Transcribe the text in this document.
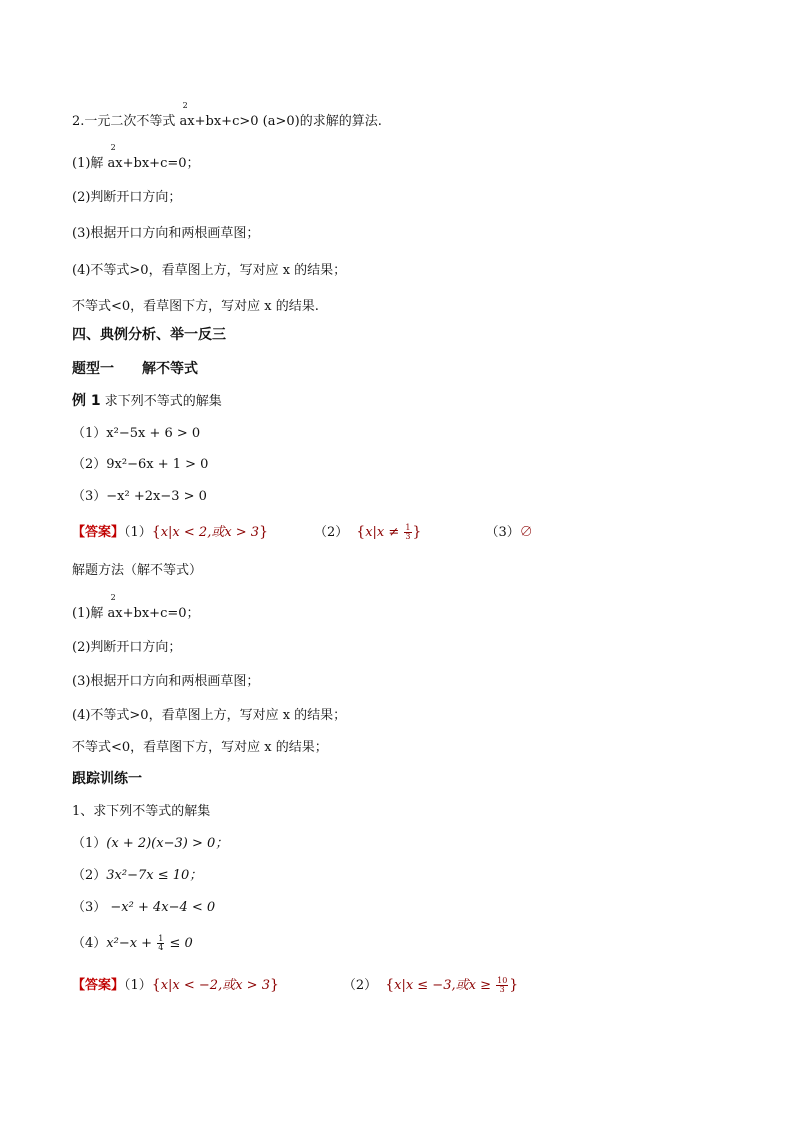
2.一元二次不等式 ax
2
+bx+c>0 (a>0)的求解的算法.
(1)解 ax
2
+bx+c=0；
(2)判断开口方向；
(3)根据开口方向和两根画草图；
(4)不等式>0，看草图上方，写对应 x 的结果；
不等式<0，看草图下方，写对应 x 的结果.
四、典例分析、举一反三
题型一 解不等式
例 1 求下列不等式的解集
（1）x²−5x + 6 > 0
（2）9x²−6x + 1 > 0
（3）−x² +2x−3 > 0
【答案】（1）{x|x < 2,或x > 3}	（2） {$x|x \ne \frac{1}{3}$ }	（3）∅
解题方法（解不等式）
(1)解 ax
2
+bx+c=0；
(2)判断开口方向；
(3)根据开口方向和两根画草图；
(4)不等式>0，看草图上方，写对应 x 的结果；
不等式<0，看草图下方，写对应 x 的结果；
跟踪训练一
1、求下列不等式的解集
（1）(x + 2)(x−3) > 0；
（2）3x²−7x ≤ 10；
（3） −x² + 4x−4 < 0
$(4)x^2-x + \frac{1}{4} \le 0$
【答案】（1）{x|x < −2,或x > 3}	（2） {x|x ≤ −3,或$x \ge \frac{10}{3}$ }
